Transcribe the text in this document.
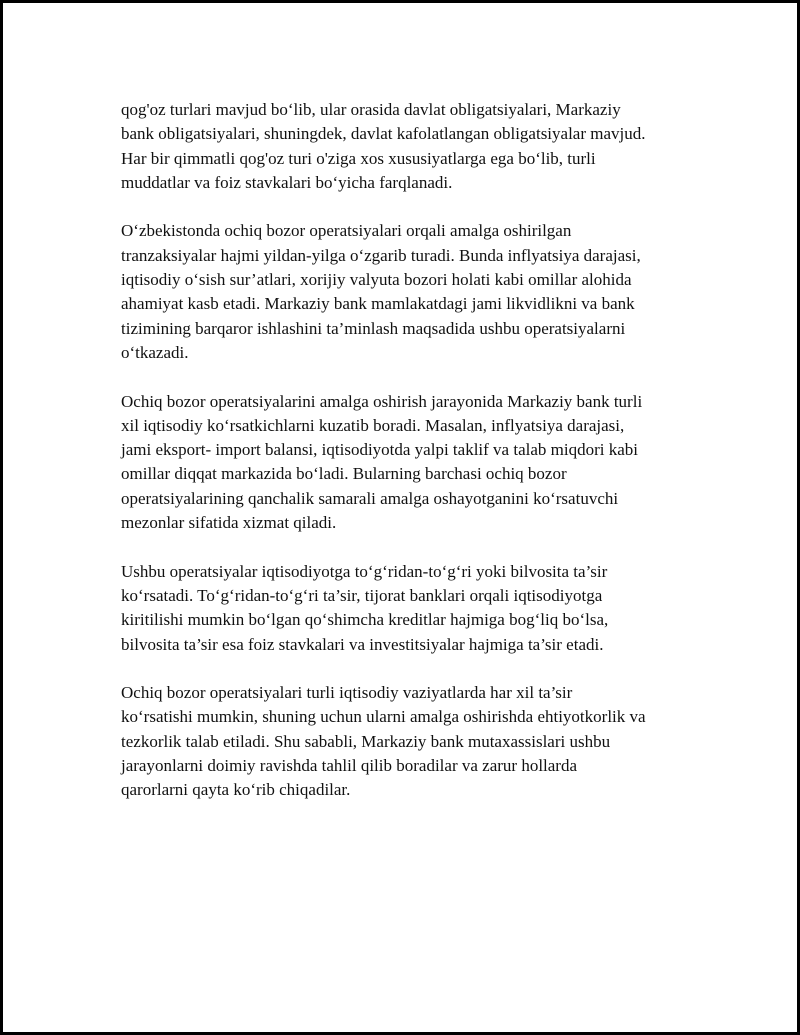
qog'oz turlari mavjud bo‘lib, ular orasida davlat obligatsiyalari, Markaziy
bank obligatsiyalari, shuningdek, davlat kafolatlangan obligatsiyalar mavjud.
Har bir qimmatli qog'oz turi o'ziga xos xususiyatlarga ega bo‘lib, turli
muddatlar va foiz stavkalari bo‘yicha farqlanadi.

O‘zbekistonda ochiq bozor operatsiyalari orqali amalga oshirilgan
tranzaksiyalar hajmi yildan-yilga o‘zgarib turadi. Bunda inflyatsiya darajasi,
iqtisodiy o‘sish sur’atlari, xorijiy valyuta bozori holati kabi omillar alohida
ahamiyat kasb etadi. Markaziy bank mamlakatdagi jami likvidlikni va bank
tizimining barqaror ishlashini ta’minlash maqsadida ushbu operatsiyalarni
o‘tkazadi.

Ochiq bozor operatsiyalarini amalga oshirish jarayonida Markaziy bank turli
xil iqtisodiy ko‘rsatkichlarni kuzatib boradi. Masalan, inflyatsiya darajasi,
jami eksport- import balansi, iqtisodiyotda yalpi taklif va talab miqdori kabi
omillar diqqat markazida bo‘ladi. Bularning barchasi ochiq bozor
operatsiyalarining qanchalik samarali amalga oshayotganini ko‘rsatuvchi
mezonlar sifatida xizmat qiladi.

Ushbu operatsiyalar iqtisodiyotga to‘g‘ridan-to‘g‘ri yoki bilvosita ta’sir
ko‘rsatadi. To‘g‘ridan-to‘g‘ri ta’sir, tijorat banklari orqali iqtisodiyotga
kiritilishi mumkin bo‘lgan qo‘shimcha kreditlar hajmiga bog‘liq bo‘lsa,
bilvosita ta’sir esa foiz stavkalari va investitsiyalar hajmiga ta’sir etadi.

Ochiq bozor operatsiyalari turli iqtisodiy vaziyatlarda har xil ta’sir
ko‘rsatishi mumkin, shuning uchun ularni amalga oshirishda ehtiyotkorlik va
tezkorlik talab etiladi. Shu sababli, Markaziy bank mutaxassislari ushbu
jarayonlarni doimiy ravishda tahlil qilib boradilar va zarur hollarda
qarorlarni qayta ko‘rib chiqadilar.
